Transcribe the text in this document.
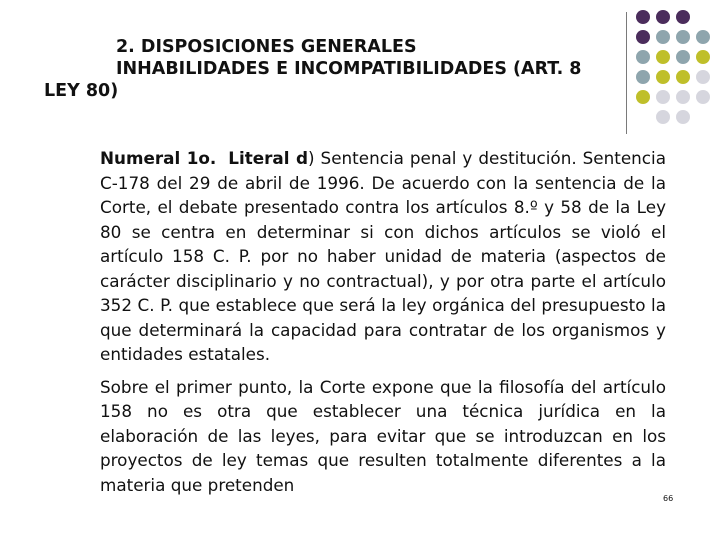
2. DISPOSICIONES GENERALES
INHABILIDADES E INCOMPATIBILIDADES (ART. 8
LEY 80)

Numeral 1o. Literal d) Sentencia penal y destitución. Sentencia C-178 del 29 de abril de 1996. De acuerdo con la sentencia de la Corte, el debate presentado contra los artículos 8.º y 58 de la Ley 80 se centra en determinar si con dichos artículos se violó el artículo 158 C. P. por no haber unidad de materia (aspectos de carácter disciplinario y no contractual), y por otra parte el artículo 352 C. P. que establece que será la ley orgánica del presupuesto la que determinará la capacidad para contratar de los organismos y entidades estatales.

Sobre el primer punto, la Corte expone que la filosofía del artículo 158 no es otra que establecer una técnica jurídica en la elaboración de las leyes, para evitar que se introduzcan en los proyectos de ley temas que resulten totalmente diferentes a la materia que pretenden

66
